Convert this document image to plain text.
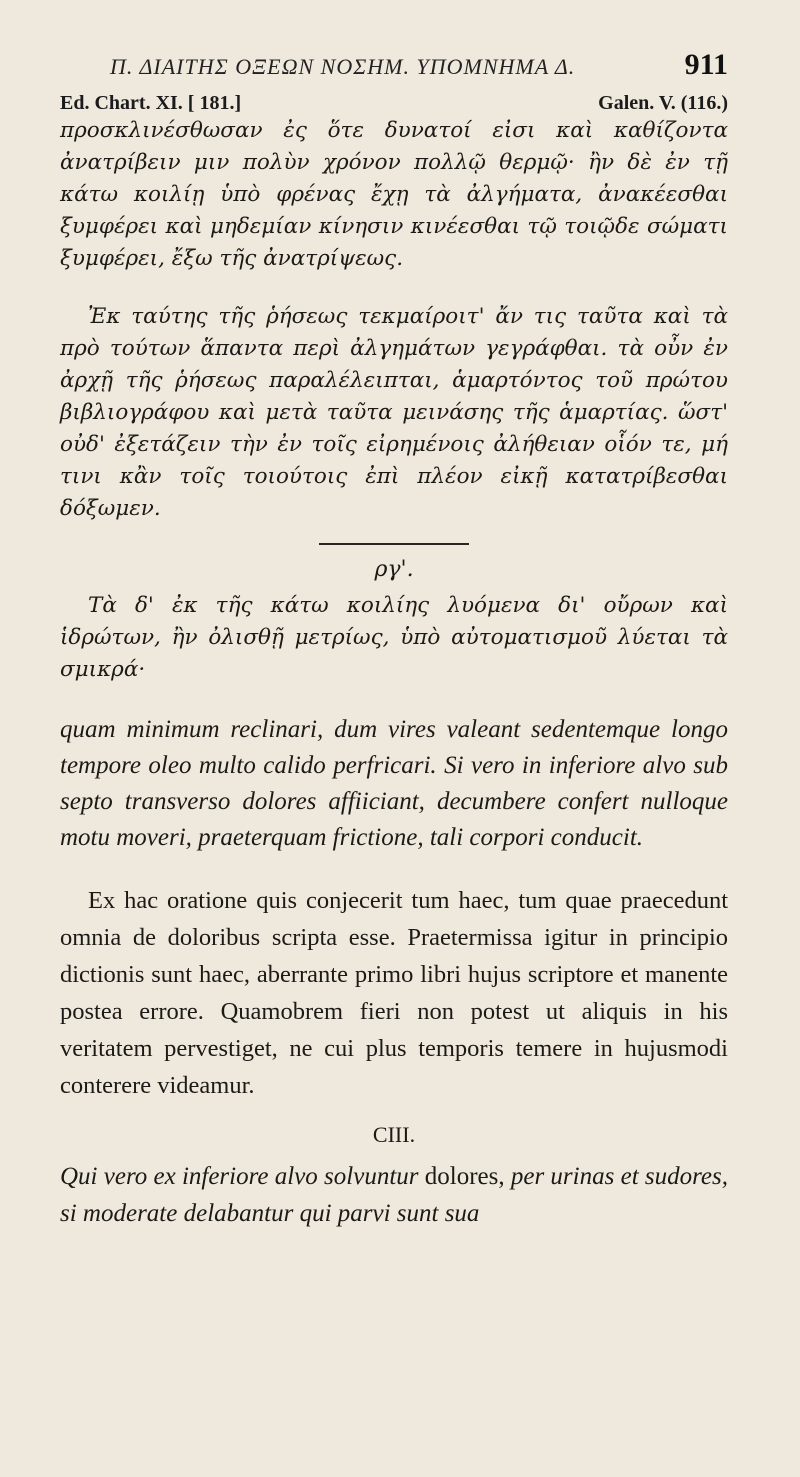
Π. ΔΙΑΙΤΗΣ ΟΞΕΩΝ ΝΟΣΗΜ. ΥΠΟΜΝΗΜΑ Δ.	911
Ed. Chart. XI. [ 181.]	Galen. V. (116.)

προσκλινέσθωσαν ἐς ὅτε δυνατοί εἰσι καὶ καθίζοντα ἀνατρίβειν μιν πολὺν χρόνον πολλῷ θερμῷ· ἢν δὲ ἐν τῇ κάτω κοιλίῃ ὑπὸ φρένας ἔχῃ τὰ ἀλγήματα, ἀνακέεσθαι ξυμφέρει καὶ μηδεμίαν κίνησιν κινέεσθαι τῷ τοιῷδε σώματι ξυμφέρει, ἔξω τῆς ἀνατρίψεως.

Ἐκ ταύτης τῆς ῥήσεως τεκμαίροιτ' ἄν τις ταῦτα καὶ τὰ πρὸ τούτων ἅπαντα περὶ ἀλγημάτων γεγράφθαι. τὰ οὖν ἐν ἀρχῇ τῆς ῥήσεως παραλέλειπται, ἁμαρτόντος τοῦ πρώτου βιβλιογράφου καὶ μετὰ ταῦτα μεινάσης τῆς ἁμαρτίας. ὥστ' οὐδ' ἐξετάζειν τὴν ἐν τοῖς εἰρημένοις ἀλήθειαν οἷόν τε, μή τινι κἂν τοῖς τοιούτοις ἐπὶ πλέον εἰκῇ κατατρίβεσθαι δόξωμεν.

ργ'.

Τὰ δ' ἐκ τῆς κάτω κοιλίης λυόμενα δι' οὔρων καὶ ἱδρώτων, ἢν ὀλισθῇ μετρίως, ὑπὸ αὐτοματισμοῦ λύεται τὰ σμικρά·

quam minimum reclinari, dum vires valeant sedentemque longo tempore oleo multo calido perfricari. Si vero in inferiore alvo sub septo transverso dolores affiiciant, decumbere confert nulloque motu moveri, praeterquam frictione, tali corpori conducit.

Ex hac oratione quis conjecerit tum haec, tum quae praecedunt omnia de doloribus scripta esse. Praetermissa igitur in principio dictionis sunt haec, aberrante primo libri hujus scriptore et manente postea errore. Quamobrem fieri non potest ut aliquis in his veritatem pervestiget, ne cui plus temporis temere in hujusmodi conterere videamur.

CIII.

Qui vero ex inferiore alvo solvuntur dolores, per urinas et sudores, si moderate delabantur qui parvi sunt sua
